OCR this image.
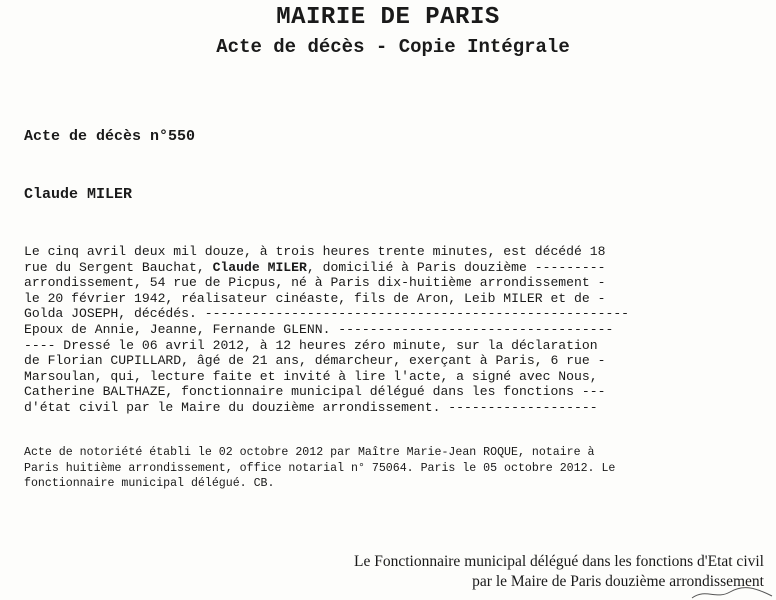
MAIRIE DE PARIS
Acte de décès - Copie Intégrale
Acte de décès n°550
Claude MILER
Le cinq avril deux mil douze, à trois heures trente minutes, est décédé 18
rue du Sergent Bauchat, Claude MILER, domicilié à Paris douzième ---------
arrondissement, 54 rue de Picpus, né à Paris dix-huitième arrondissement -
le 20 février 1942, réalisateur cinéaste, fils de Aron, Leib MILER et de -
Golda JOSEPH, décédés. ------------------------------------------------------
Epoux de Annie, Jeanne, Fernande GLENN. -----------------------------------
---- Dressé le 06 avril 2012, à 12 heures zéro minute, sur la déclaration
de Florian CUPILLARD, âgé de 21 ans, démarcheur, exerçant à Paris, 6 rue -
Marsoulan, qui, lecture faite et invité à lire l'acte, a signé avec Nous,
Catherine BALTHAZE, fonctionnaire municipal délégué dans les fonctions ---
d'état civil par le Maire du douzième arrondissement. -------------------
Acte de notoriété établi le 02 octobre 2012 par Maître Marie-Jean ROQUE, notaire à
Paris huitième arrondissement, office notarial n° 75064. Paris le 05 octobre 2012. Le
fonctionnaire municipal délégué. CB.
Le Fonctionnaire municipal délégué dans les fonctions d'Etat civil
par le Maire de Paris douzième arrondissement
